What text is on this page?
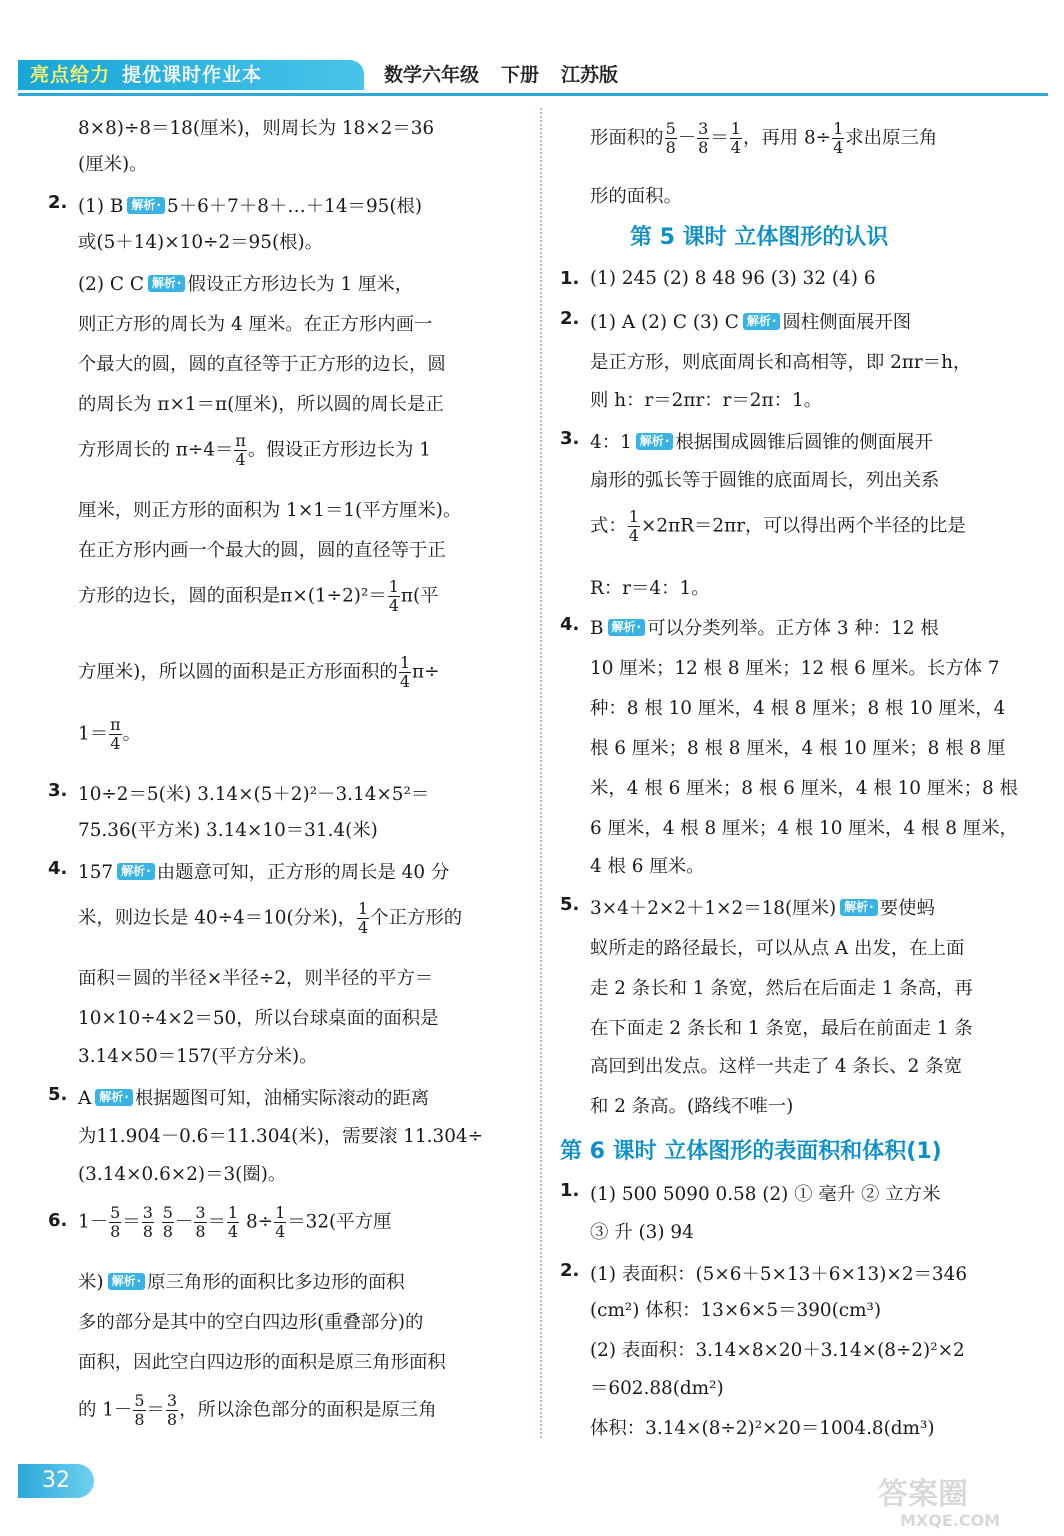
亮点给力 提优课时作业本	数学六年级 下册 江苏版
8×8)÷8＝18(厘米)，则周长为 18×2＝36
(厘米)。
2. (1) B 解析 · 5＋6＋7＋8＋…＋14＝95(根)
或(5＋14)×10÷2＝95(根)。
(2) C C 解析 · 假设正方形边长为 1 厘米，
则正方形的周长为 4 厘米。在正方形内画一
个最大的圆，圆的直径等于正方形的边长，圆
的周长为 π×1＝π(厘米)，所以圆的周长是正
方形周长的 $\pi\div 4= \frac{\pi}{4}$ 。假设正方形边长为 1
厘米，则正方形的面积为 1×1＝1(平方厘米)。
在正方形内画一个最大的圆，圆的直径等于正
方形的边长，圆的面积是$\pi\times(1\div 2)^2= \frac{1}{4} \pi$(平
方厘米)，所以圆的面积是正方形面积的 $\frac{1}{4} \pi\div$
$1= \frac{\pi}{4}$ 。
3. 10÷2＝5(米) 3.14×(5＋2)²－3.14×5²＝
75.36(平方米) 3.14×10＝31.4(米)
4. 157 解析 · 由题意可知，正方形的周长是 40 分
米，则边长是 40÷4＝10(分米)， $\frac{1}{4}$ 个正方形的
面积＝圆的半径×半径÷2，则半径的平方＝
10×10÷4×2＝50，所以台球桌面的面积是
3.14×50＝157(平方分米)。
5. A 解析 · 根据题图可知，油桶实际滚动的距离
为11.904－0.6＝11.304(米)，需要滚 11.304÷
(3.14×0.6×2)＝3(圈)。
6. $1- \frac{5}{8} = \frac{3}{8}$
$\frac{5}{8} - \frac{3}{8} = \frac{1}{4} 8\div \frac{1}{4} =32$(平方厘
米) 解析 · 原三角形的面积比多边形的面积
多的部分是其中的空白四边形(重叠部分)的
面积，因此空白四边形的面积是原三角形面积
的 $1- \frac{5}{8} = \frac{3}{8}$ ，所以涂色部分的面积是原三角
形面积的 $\frac{5}{8} - \frac{3}{8} = \frac{1}{4}$ ，再用 $8\div \frac{1}{4}$ 求出原三角
形的面积。
第 5 课时 立体图形的认识
1. (1) 245 (2) 8 48 96 (3) 32 (4) 6
2. (1) A (2) C (3) C 解析 · 圆柱侧面展开图
是正方形，则底面周长和高相等，即 2πr＝h，
则 h：r＝2πr：r＝2π：1。
3. 4：1 解析 · 根据围成圆锥后圆锥的侧面展开
扇形的弧长等于圆锥的底面周长，列出关系
式： $\frac{1}{4} \times 2\pi R=2\pi r$，可以得出两个半径的比是
R：r＝4：1。
4. B 解析 · 可以分类列举。正方体 3 种：12 根
10 厘米；12 根 8 厘米；12 根 6 厘米。长方体 7
种：8 根 10 厘米，4 根 8 厘米；8 根 10 厘米，4
根 6 厘米；8 根 8 厘米，4 根 10 厘米；8 根 8 厘
米，4 根 6 厘米；8 根 6 厘米，4 根 10 厘米；8 根
6 厘米，4 根 8 厘米；4 根 10 厘米，4 根 8 厘米，
4 根 6 厘米。
5. 3×4＋2×2＋1×2＝18(厘米) 解析 · 要使蚂
蚁所走的路径最长，可以从点 A 出发，在上面
走 2 条长和 1 条宽，然后在后面走 1 条高，再
在下面走 2 条长和 1 条宽，最后在前面走 1 条
高回到出发点。这样一共走了 4 条长、2 条宽
和 2 条高。(路线不唯一)
第 6 课时 立体图形的表面积和体积(1)
1. (1) 500 5090 0.58 (2) ① 毫升 ② 立方米
③ 升 (3) 94
2. (1) 表面积：(5×6＋5×13＋6×13)×2＝346
(cm²) 体积：13×6×5＝390(cm³)
(2) 表面积：3.14×8×20＋3.14×(8÷2)²×2
＝602.88(dm²)
体积：3.14×(8÷2)²×20＝1004.8(dm³)
32	答案圈
MXQE.COM
